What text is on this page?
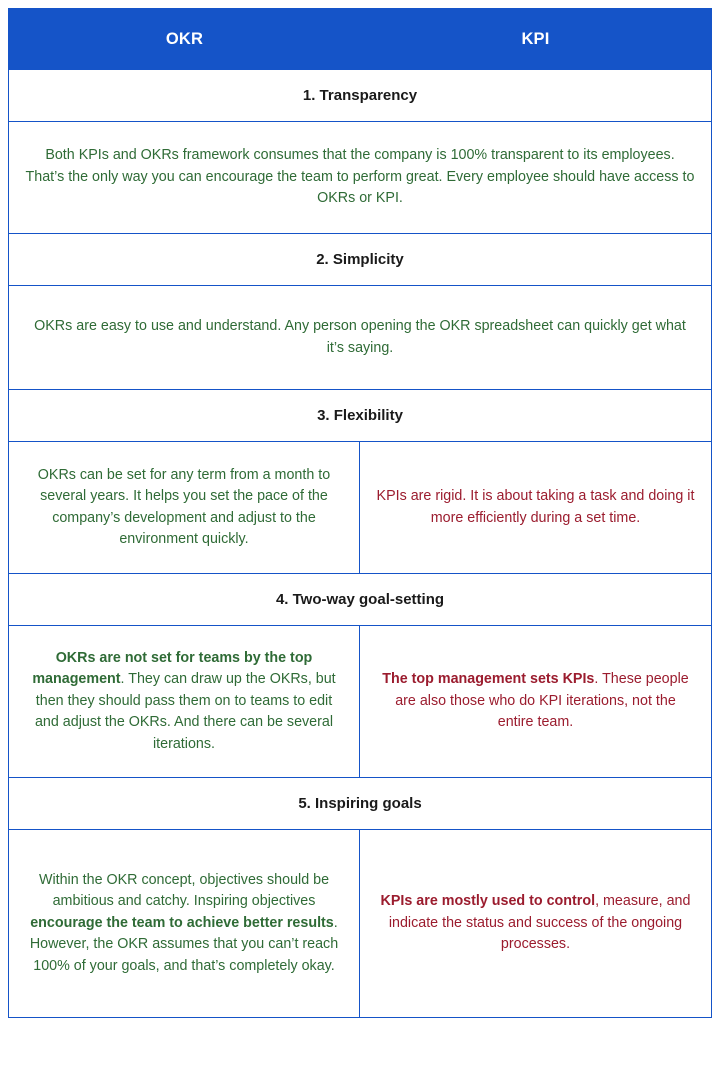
OKR	KPI
1. Transparency
Both KPIs and OKRs framework consumes that the company is 100% transparent to its employees. That’s the only way you can encourage the team to perform great. Every employee should have access to OKRs or KPI.
2. Simplicity
OKRs are easy to use and understand. Any person opening the OKR spreadsheet can quickly get what it’s saying.
3. Flexibility
OKRs can be set for any term from a month to several years. It helps you set the pace of the company’s development and adjust to the environment quickly.
KPIs are rigid. It is about taking a task and doing it more efficiently during a set time.
4. Two-way goal-setting
OKRs are not set for teams by the top management. They can draw up the OKRs, but then they should pass them on to teams to edit and adjust the OKRs. And there can be several iterations.
The top management sets KPIs. These people are also those who do KPI iterations, not the entire team.
5. Inspiring goals
Within the OKR concept, objectives should be ambitious and catchy. Inspiring objectives encourage the team to achieve better results. However, the OKR assumes that you can’t reach 100% of your goals, and that’s completely okay.
KPIs are mostly used to control, measure, and indicate the status and success of the ongoing processes.
